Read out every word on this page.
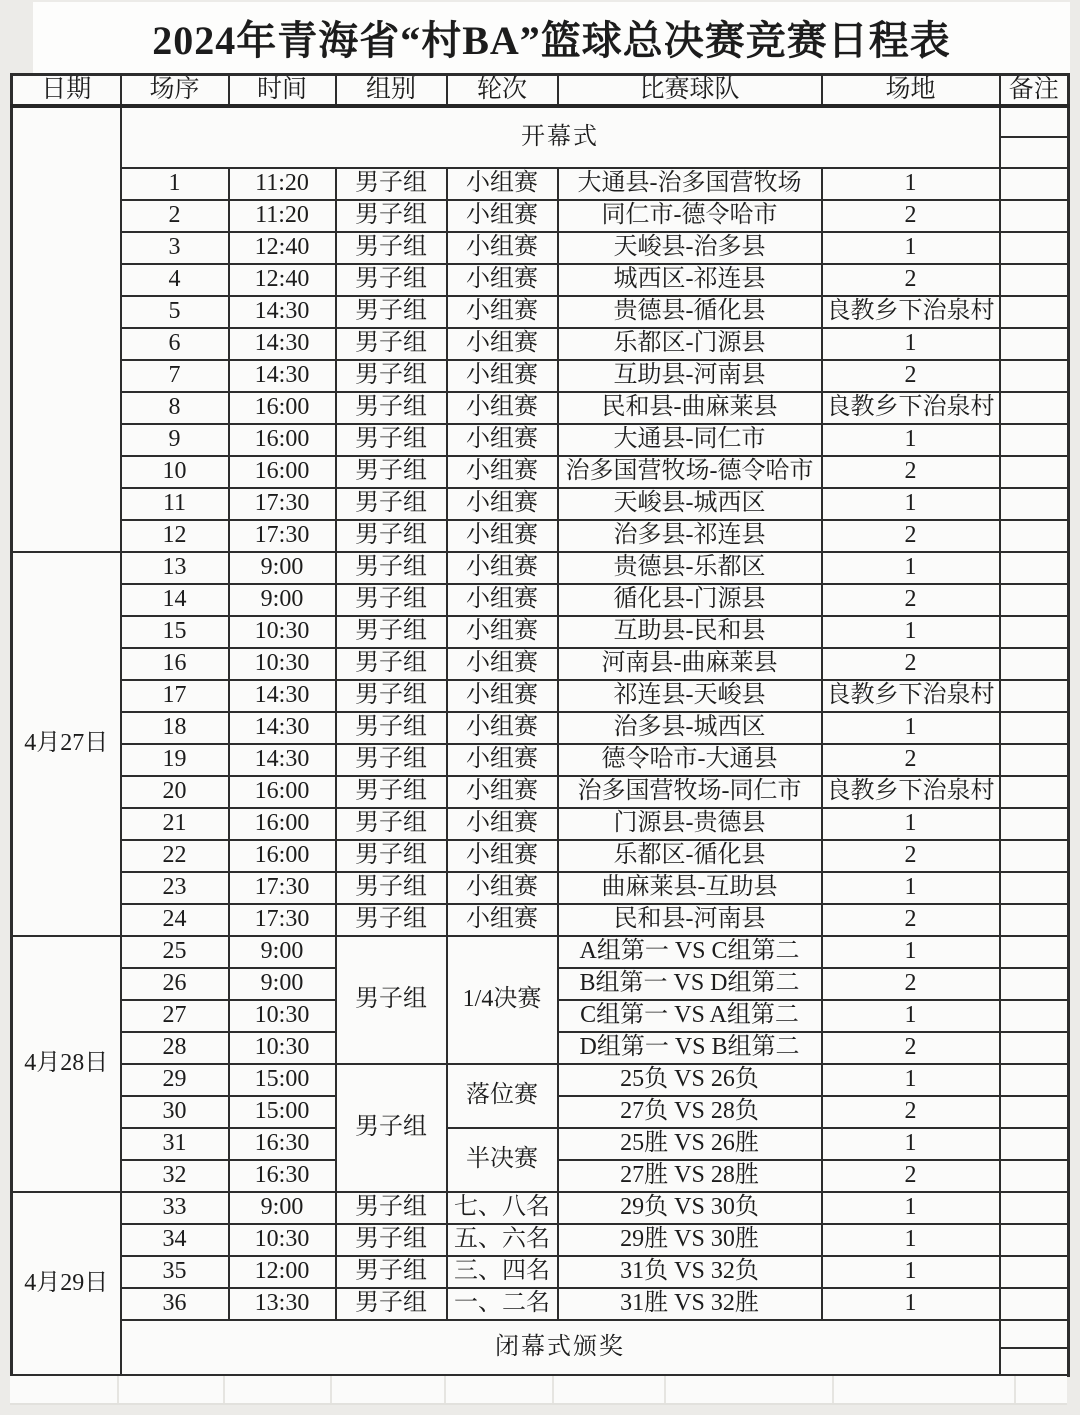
2024年青海省“村BA”篮球总决赛竞赛日程表
日期	场序	时间	组别	轮次	比赛球队	场地	备注
	开幕式						

	1	11:20	男子组	小组赛	大通县-治多国营牧场	1	
	2	11:20	男子组	小组赛	同仁市-德令哈市	2	
	3	12:40	男子组	小组赛	天峻县-治多县	1	
	4	12:40	男子组	小组赛	城西区-祁连县	2	
	5	14:30	男子组	小组赛	贵德县-循化县	良教乡下治泉村	
	6	14:30	男子组	小组赛	乐都区-门源县	1	
	7	14:30	男子组	小组赛	互助县-河南县	2	
	8	16:00	男子组	小组赛	民和县-曲麻莱县	良教乡下治泉村	
	9	16:00	男子组	小组赛	大通县-同仁市	1	
	10	16:00	男子组	小组赛	治多国营牧场-德令哈市	2	
	11	17:30	男子组	小组赛	天峻县-城西区	1	
	12	17:30	男子组	小组赛	治多县-祁连县	2	
4月27日	13	9:00	男子组	小组赛	贵德县-乐都区	1	
	14	9:00	男子组	小组赛	循化县-门源县	2	
	15	10:30	男子组	小组赛	互助县-民和县	1	
	16	10:30	男子组	小组赛	河南县-曲麻莱县	2	
	17	14:30	男子组	小组赛	祁连县-天峻县	良教乡下治泉村	
	18	14:30	男子组	小组赛	治多县-城西区	1	
	19	14:30	男子组	小组赛	德令哈市-大通县	2	
	20	16:00	男子组	小组赛	治多国营牧场-同仁市	良教乡下治泉村	
	21	16:00	男子组	小组赛	门源县-贵德县	1	
	22	16:00	男子组	小组赛	乐都区-循化县	2	
	23	17:30	男子组	小组赛	曲麻莱县-互助县	1	
	24	17:30	男子组	小组赛	民和县-河南县	2	
4月28日	25	9:00	男子组	1/4决赛	A组第一 VS C组第二	1	
	26	9:00			B组第一 VS D组第二	2	
	27	10:30			C组第一 VS A组第二	1	
	28	10:30			D组第一 VS B组第二	2	
	29	15:00	男子组	落位赛	25负 VS 26负	1	
	30	15:00			27负 VS 28负	2	
	31	16:30		半决赛	25胜 VS 26胜	1	
	32	16:30			27胜 VS 28胜	2	
4月29日	33	9:00	男子组	七、八名	29负 VS 30负	1	
	34	10:30	男子组	五、六名	29胜 VS 30胜	1	
	35	12:00	男子组	三、四名	31负 VS 32负	1	
	36	13:30	男子组	一、二名	31胜 VS 32胜	1	
	闭幕式颁奖						
